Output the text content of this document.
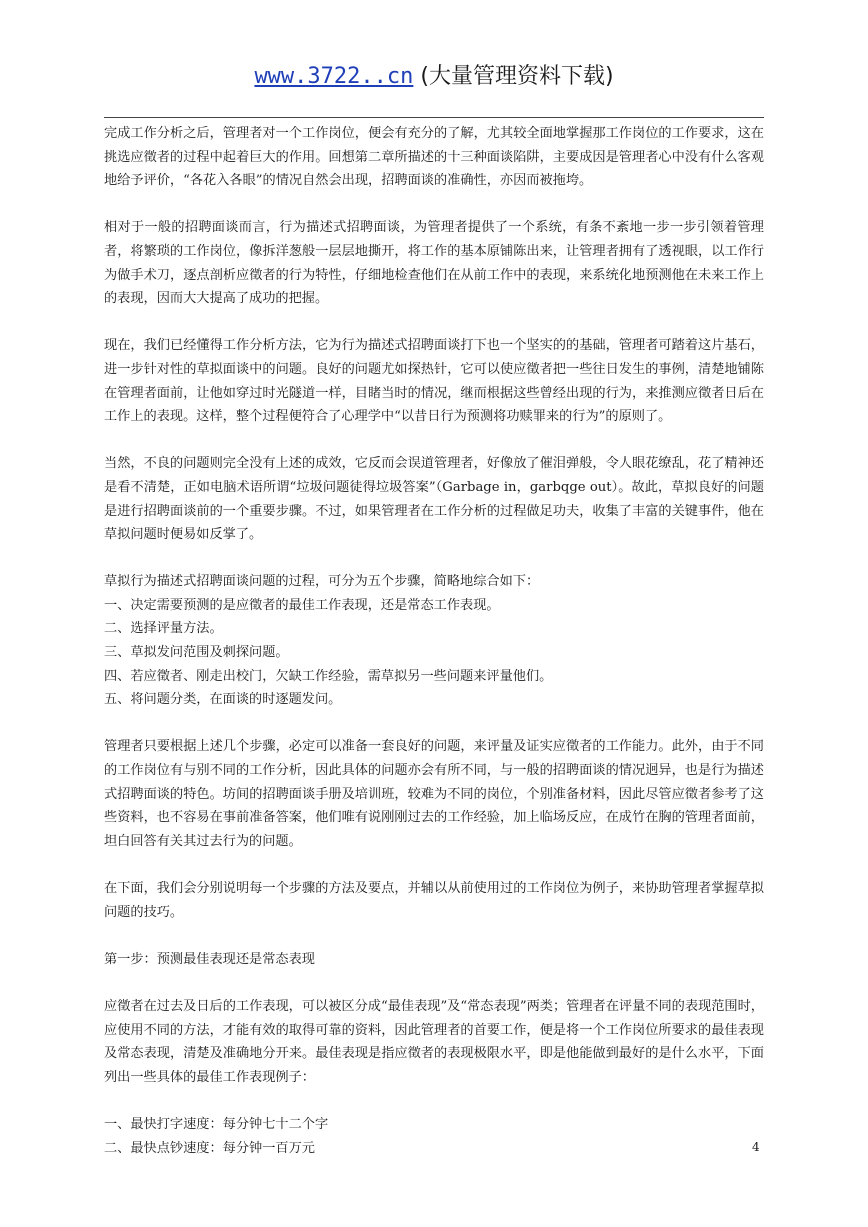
www.3722..cn (大量管理资料下载)

完成工作分析之后，管理者对一个工作岗位，便会有充分的了解，尤其较全面地掌握那工作岗位的工作要求，这在挑选应徵者的过程中起着巨大的作用。回想第二章所描述的十三种面谈陷阱，主要成因是管理者心中没有什么客观地给予评价，“各花入各眼”的情况自然会出现，招聘面谈的准确性，亦因而被拖垮。

相对于一般的招聘面谈而言，行为描述式招聘面谈，为管理者提供了一个系统，有条不紊地一步一步引领着管理者，将繁琐的工作岗位，像拆洋葱般一层层地撕开，将工作的基本原铺陈出来，让管理者拥有了透视眼，以工作行为做手术刀，逐点剖析应徵者的行为特性，仔细地检查他们在从前工作中的表现，来系统化地预测他在未来工作上的表现，因而大大提高了成功的把握。

现在，我们已经懂得工作分析方法，它为行为描述式招聘面谈打下也一个坚实的的基础，管理者可踏着这片基石，进一步针对性的草拟面谈中的问题。良好的问题尤如探热针，它可以使应徵者把一些往日发生的事例，清楚地铺陈在管理者面前，让他如穿过时光隧道一样，目睹当时的情况，继而根据这些曾经出现的行为，来推测应徵者日后在工作上的表现。这样，整个过程便符合了心理学中“以昔日行为预测将功赎罪来的行为”的原则了。

当然，不良的问题则完全没有上述的成效，它反而会误道管理者，好像放了催泪弹般，令人眼花缭乱，花了精神还是看不清楚，正如电脑术语所谓“垃圾问题徒得垃圾答案”（Garbage in，garbqge out）。故此，草拟良好的问题是进行招聘面谈前的一个重要步骤。不过，如果管理者在工作分析的过程做足功夫，收集了丰富的关键事件，他在草拟问题时便易如反掌了。

草拟行为描述式招聘面谈问题的过程，可分为五个步骤，简略地综合如下：

一、决定需要预测的是应徵者的最佳工作表现，还是常态工作表现。

二、选择评量方法。

三、草拟发问范围及刺探问题。

四、若应徵者、刚走出校门，欠缺工作经验，需草拟另一些问题来评量他们。

五、将问题分类，在面谈的时逐题发问。

管理者只要根据上述几个步骤，必定可以准备一套良好的问题，来评量及证实应徵者的工作能力。此外，由于不同的工作岗位有与别不同的工作分析，因此具体的问题亦会有所不同，与一般的招聘面谈的情况迥异，也是行为描述式招聘面谈的特色。坊间的招聘面谈手册及培训班，较难为不同的岗位，个别准备材料，因此尽管应徵者参考了这些资料，也不容易在事前准备答案，他们唯有说刚刚过去的工作经验，加上临场反应，在成竹在胸的管理者面前，坦白回答有关其过去行为的问题。

在下面，我们会分别说明每一个步骤的方法及要点，并辅以从前使用过的工作岗位为例子，来协助管理者掌握草拟问题的技巧。

第一步：预测最佳表现还是常态表现

应徵者在过去及日后的工作表现，可以被区分成“最佳表现”及“常态表现”两类；管理者在评量不同的表现范围时，应使用不同的方法，才能有效的取得可靠的资料，因此管理者的首要工作，便是将一个工作岗位所要求的最佳表现及常态表现，清楚及准确地分开来。最佳表现是指应徵者的表现极限水平，即是他能做到最好的是什么水平，下面列出一些具体的最佳工作表现例子：

一、最快打字速度：每分钟七十二个字

二、最快点钞速度：每分钟一百万元	4
